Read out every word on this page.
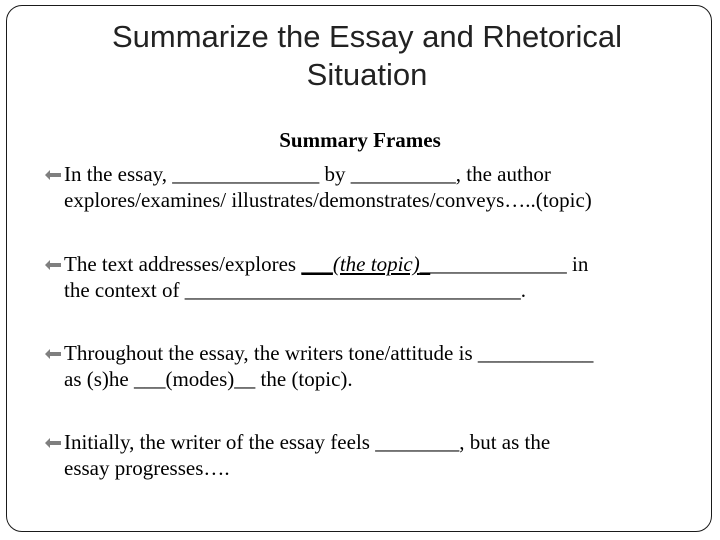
Summarize the Essay and Rhetorical
Situation
Summary Frames
In the essay, ______________ by __________, the author
explores/examines/ illustrates/demonstrates/conveys…..(topic)
The text addresses/explores ___(the topic)______________ in
the context of ________________________________.
Throughout the essay, the writers tone/attitude is ___________
as (s)he ___(modes)__ the (topic).
Initially, the writer of the essay feels ________, but as the
essay progresses….
